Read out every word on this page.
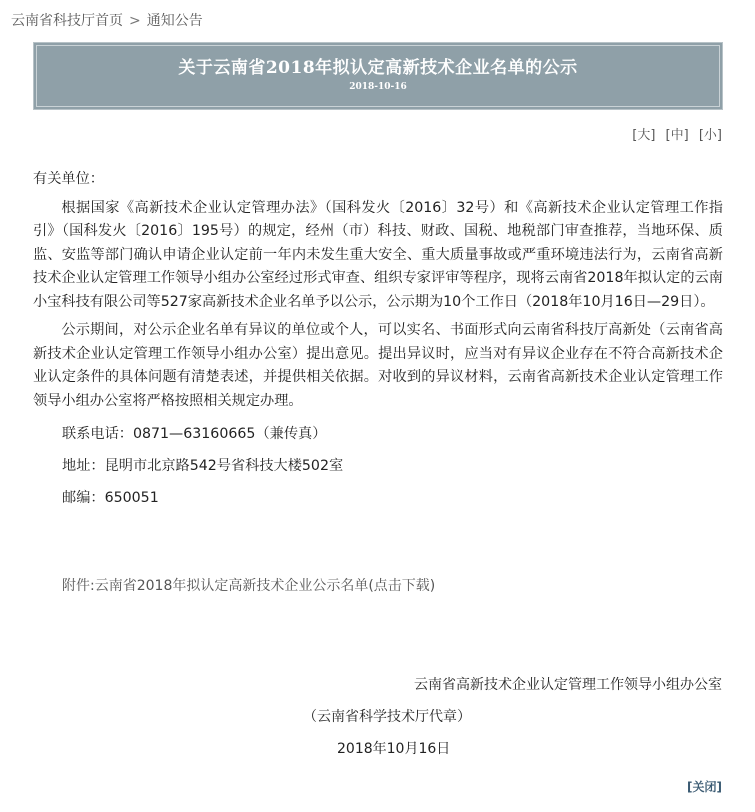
云南省科技厅首页 > 通知公告
关于云南省2018年拟认定高新技术企业名单的公示
2018-10-16
[大] [中] [小]

有关单位：

根据国家《高新技术企业认定管理办法》（国科发火〔2016〕32号）和《高新技术企业认定管理工作指引》（国科发火〔2016〕195号）的规定，经州（市）科技、财政、国税、地税部门审查推荐，当地环保、质监、安监等部门确认申请企业认定前一年内未发生重大安全、重大质量事故或严重环境违法行为，云南省高新技术企业认定管理工作领导小组办公室经过形式审查、组织专家评审等程序，现将云南省2018年拟认定的云南小宝科技有限公司等527家高新技术企业名单予以公示，公示期为10个工作日（2018年10月16日—29日）。

公示期间，对公示企业名单有异议的单位或个人，可以实名、书面形式向云南省科技厅高新处（云南省高新技术企业认定管理工作领导小组办公室）提出意见。提出异议时，应当对有异议企业存在不符合高新技术企业认定条件的具体问题有清楚表述，并提供相关依据。对收到的异议材料，云南省高新技术企业认定管理工作领导小组办公室将严格按照相关规定办理。

联系电话：0871—63160665（兼传真）

地址：昆明市北京路542号省科技大楼502室

邮编：650051

附件:云南省2018年拟认定高新技术企业公示名单(点击下载)
云南省高新技术企业认定管理工作领导小组办公室
（云南省科学技术厅代章）
2018年10月16日
[关闭]
